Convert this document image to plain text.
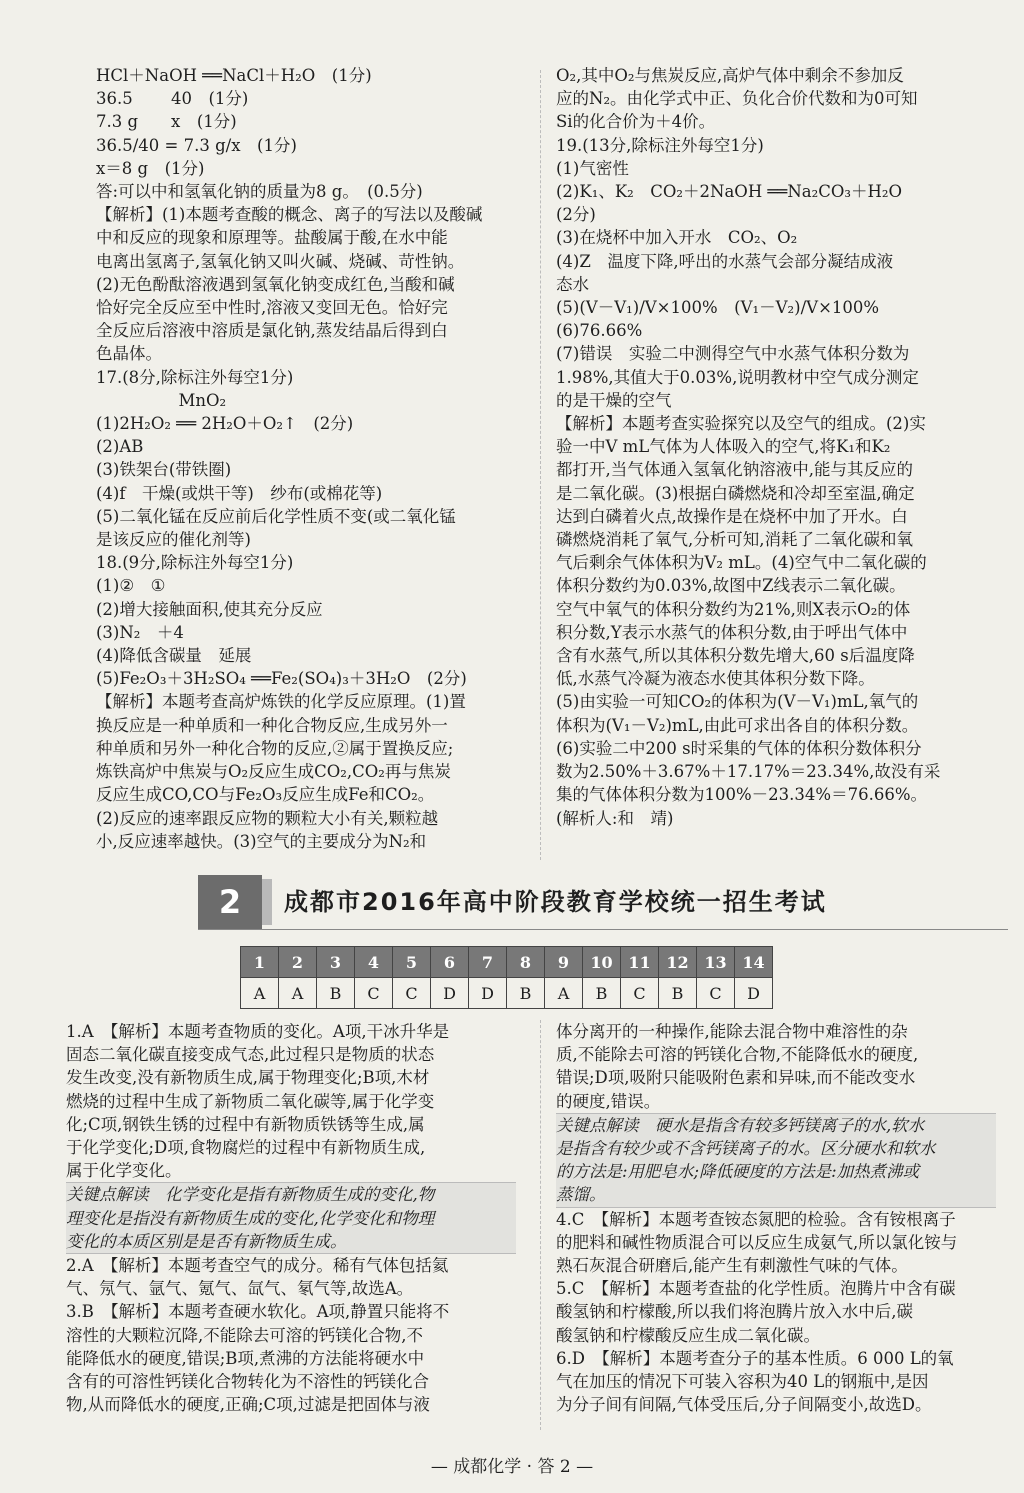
HCl＋NaOH ══NaCl＋H₂O　(1分)

36.5　　 40　(1分)

7.3 g　　x　(1分)

36.5/40 = 7.3 g/x　(1分)

x＝8 g　(1分)

答:可以中和氢氧化钠的质量为8 g。　(0.5分)

【解析】(1)本题考查酸的概念、离子的写法以及酸碱

中和反应的现象和原理等。盐酸属于酸,在水中能

电离出氢离子,氢氧化钠又叫火碱、烧碱、苛性钠。

(2)无色酚酞溶液遇到氢氧化钠变成红色,当酸和碱

恰好完全反应至中性时,溶液又变回无色。恰好完

全反应后溶液中溶质是氯化钠,蒸发结晶后得到白

色晶体。

17.(8分,除标注外每空1分)

　　　　　MnO₂

(1)2H₂O₂ ══ 2H₂O＋O₂↑　(2分)

(2)AB

(3)铁架台(带铁圈)

(4)f　干燥(或烘干等)　纱布(或棉花等)

(5)二氧化锰在反应前后化学性质不变(或二氧化锰

是该反应的催化剂等)

18.(9分,除标注外每空1分)

(1)②　①

(2)增大接触面积,使其充分反应

(3)N₂　＋4

(4)降低含碳量　延展

(5)Fe₂O₃＋3H₂SO₄ ══Fe₂(SO₄)₃＋3H₂O　(2分)

【解析】本题考查高炉炼铁的化学反应原理。(1)置

换反应是一种单质和一种化合物反应,生成另外一

种单质和另外一种化合物的反应,②属于置换反应;

炼铁高炉中焦炭与O₂反应生成CO₂,CO₂再与焦炭

反应生成CO,CO与Fe₂O₃反应生成Fe和CO₂。

(2)反应的速率跟反应物的颗粒大小有关,颗粒越

小,反应速率越快。(3)空气的主要成分为N₂和

O₂,其中O₂与焦炭反应,高炉气体中剩余不参加反

应的N₂。由化学式中正、负化合价代数和为0可知

Si的化合价为＋4价。

19.(13分,除标注外每空1分)

(1)气密性

(2)K₁、K₂　CO₂＋2NaOH ══Na₂CO₃＋H₂O

(2分)

(3)在烧杯中加入开水　CO₂、O₂

(4)Z　温度下降,呼出的水蒸气会部分凝结成液

态水

(5)(V－V₁)/V×100%　(V₁－V₂)/V×100%

(6)76.66%

(7)错误　实验二中测得空气中水蒸气体积分数为

1.98%,其值大于0.03%,说明教材中空气成分测定

的是干燥的空气

【解析】本题考查实验探究以及空气的组成。(2)实

验一中V mL气体为人体吸入的空气,将K₁和K₂

都打开,当气体通入氢氧化钠溶液中,能与其反应的

是二氧化碳。(3)根据白磷燃烧和冷却至室温,确定

达到白磷着火点,故操作是在烧杯中加了开水。白

磷燃烧消耗了氧气,分析可知,消耗了二氧化碳和氧

气后剩余气体体积为V₂ mL。(4)空气中二氧化碳的

体积分数约为0.03%,故图中Z线表示二氧化碳。

空气中氧气的体积分数约为21%,则X表示O₂的体

积分数,Y表示水蒸气的体积分数,由于呼出气体中

含有水蒸气,所以其体积分数先增大,60 s后温度降

低,水蒸气冷凝为液态水使其体积分数下降。

(5)由实验一可知CO₂的体积为(V－V₁)mL,氧气的

体积为(V₁－V₂)mL,由此可求出各自的体积分数。

(6)实验二中200 s时采集的气体的体积分数体积分

数为2.50%＋3.67%＋17.17%＝23.34%,故没有采

集的气体体积分数为100%－23.34%＝76.66%。

(解析人:和　靖)

2	成都市2016年高中阶段教育学校统一招生考试
1	2	3	4	5	6	7	8	9	10	11	12	13	14
A	A	B	C	C	D	D	B	A	B	C	B	C	D

1.A　【解析】本题考查物质的变化。A项,干冰升华是

固态二氧化碳直接变成气态,此过程只是物质的状态

发生改变,没有新物质生成,属于物理变化;B项,木材

燃烧的过程中生成了新物质二氧化碳等,属于化学变

化;C项,钢铁生锈的过程中有新物质铁锈等生成,属

于化学变化;D项,食物腐烂的过程中有新物质生成,

属于化学变化。

关键点解读　化学变化是指有新物质生成的变化,物

理变化是指没有新物质生成的变化,化学变化和物理

变化的本质区别是是否有新物质生成。

2.A　【解析】本题考查空气的成分。稀有气体包括氦

气、氖气、氩气、氪气、氙气、氡气等,故选A。

3.B　【解析】本题考查硬水软化。A项,静置只能将不

溶性的大颗粒沉降,不能除去可溶的钙镁化合物,不

能降低水的硬度,错误;B项,煮沸的方法能将硬水中

含有的可溶性钙镁化合物转化为不溶性的钙镁化合

物,从而降低水的硬度,正确;C项,过滤是把固体与液

体分离开的一种操作,能除去混合物中难溶性的杂

质,不能除去可溶的钙镁化合物,不能降低水的硬度,

错误;D项,吸附只能吸附色素和异味,而不能改变水

的硬度,错误。

关键点解读　硬水是指含有较多钙镁离子的水,软水

是指含有较少或不含钙镁离子的水。区分硬水和软水

的方法是:用肥皂水;降低硬度的方法是:加热煮沸或

蒸馏。

4.C　【解析】本题考查铵态氮肥的检验。含有铵根离子

的肥料和碱性物质混合可以反应生成氨气,所以氯化铵与

熟石灰混合研磨后,能产生有刺激性气味的气体。

5.C　【解析】本题考查盐的化学性质。泡腾片中含有碳

酸氢钠和柠檬酸,所以我们将泡腾片放入水中后,碳

酸氢钠和柠檬酸反应生成二氧化碳。

6.D　【解析】本题考查分子的基本性质。6 000 L的氧

气在加压的情况下可装入容积为40 L的钢瓶中,是因

为分子间有间隔,气体受压后,分子间隔变小,故选D。

— 成都化学 · 答 2 —
